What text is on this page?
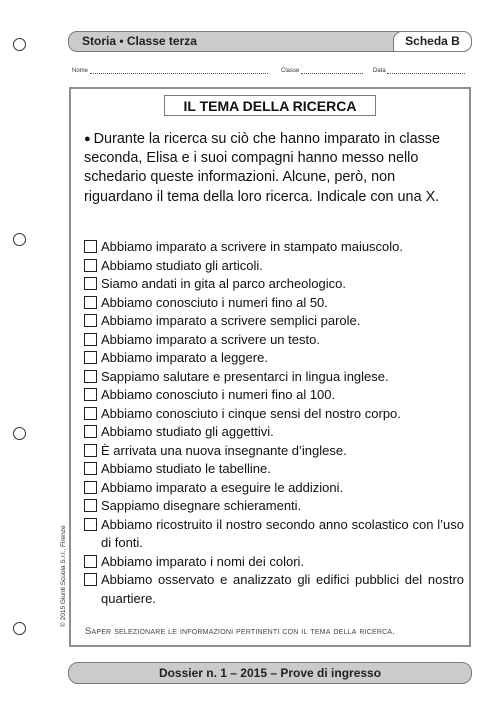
Storia • Classe terza	Scheda B
Nome	Classe	Data
IL TEMA DELLA RICERCA
● Durante la ricerca su ciò che hanno imparato in classe seconda, Elisa e i suoi compagni hanno messo nello schedario queste informazioni. Alcune, però, non riguardano il tema della loro ricerca. Indicale con una X.
Abbiamo imparato a scrivere in stampato maiuscolo.
Abbiamo studiato gli articoli.
Siamo andati in gita al parco archeologico.
Abbiamo conosciuto i numeri fino al 50.
Abbiamo imparato a scrivere semplici parole.
Abbiamo imparato a scrivere un testo.
Abbiamo imparato a leggere.
Sappiamo salutare e presentarci in lingua inglese.
Abbiamo conosciuto i numeri fino al 100.
Abbiamo conosciuto i cinque sensi del nostro corpo.
Abbiamo studiato gli aggettivi.
È arrivata una nuova insegnante d’inglese.
Abbiamo studiato le tabelline.
Abbiamo imparato a eseguire le addizioni.
Sappiamo disegnare schieramenti.
Abbiamo ricostruito il nostro secondo anno scolastico con l’uso di fonti.
Abbiamo imparato i nomi dei colori.
Abbiamo osservato e analizzato gli edifici pubblici del nostro quartiere.
Saper selezionare le informazioni pertinenti con il tema della ricerca.
Dossier n. 1 – 2015 – Prove di ingresso
© 2015 Giunti Scuola S.r.l., Firenze
